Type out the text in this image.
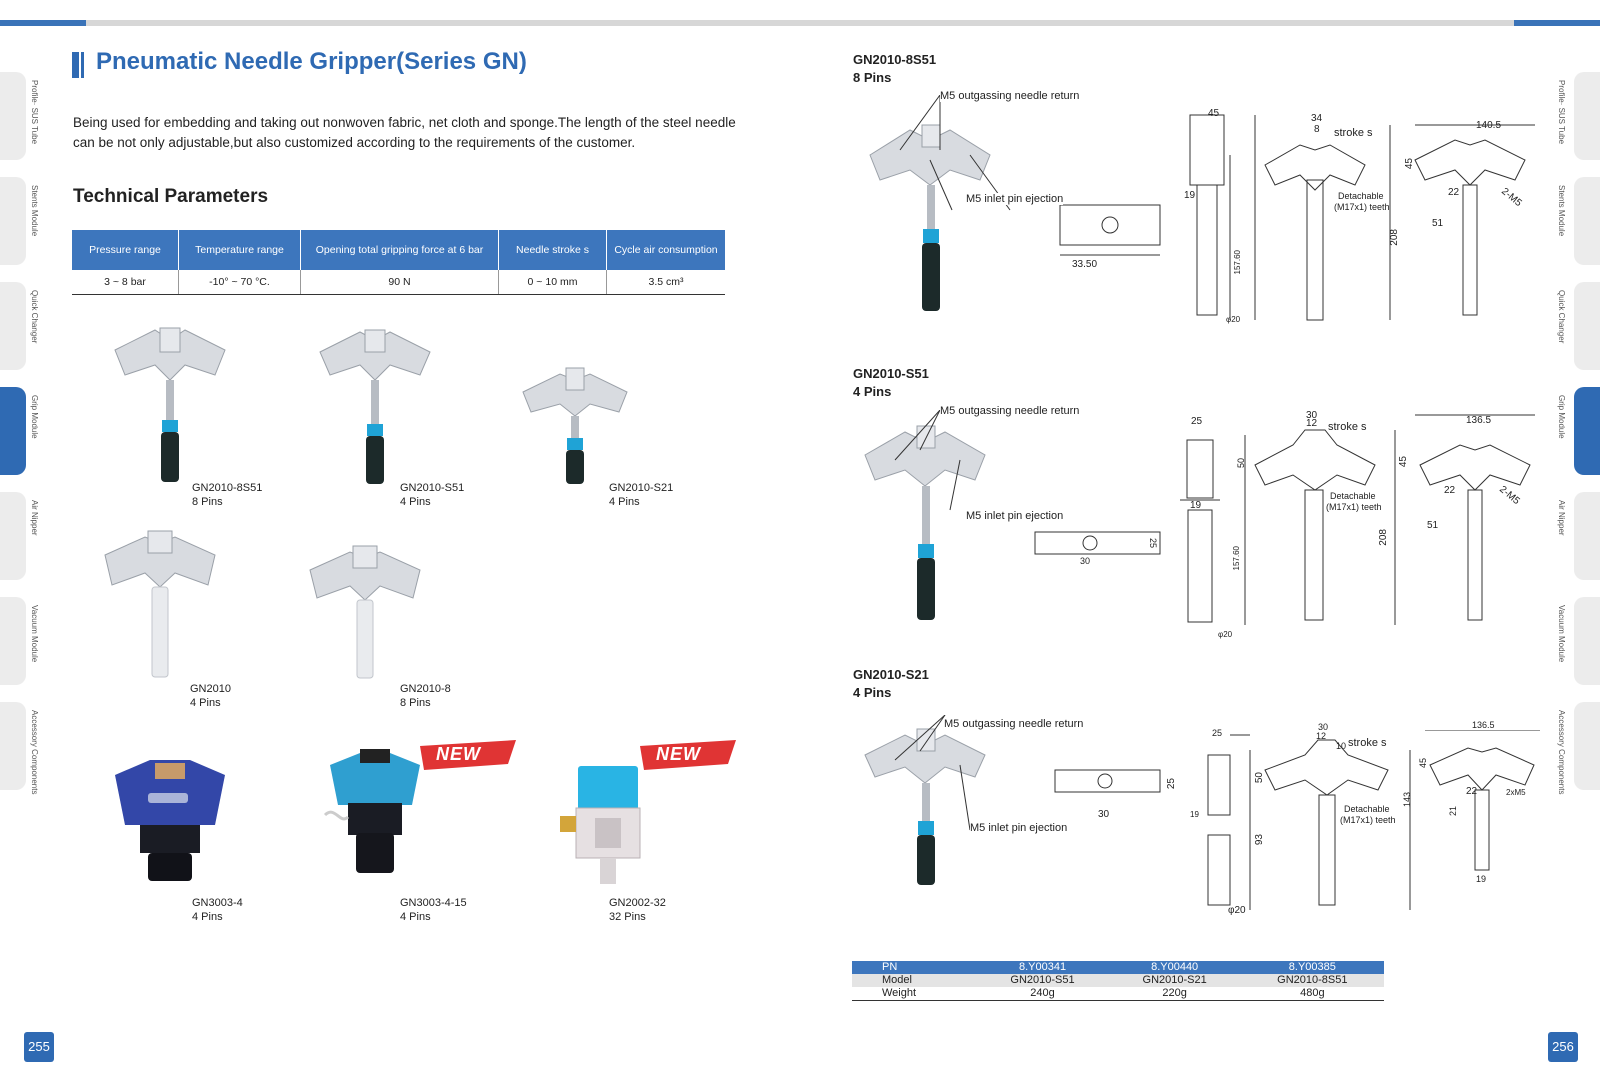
Profile· SUS Tube
Stents Module
Quick Changer
Grip Module
Air Nipper
Vacuum Module
Accessory Components
Profile· SUS Tube
Stents Module
Quick Changer
Grip Module
Air Nipper
Vacuum Module
Accessory Components
Pneumatic Needle Gripper(Series GN)
Being used for embedding and taking out nonwoven fabric, net cloth and sponge.The length of the steel needle can be not only adjustable,but also customized according to the requirements of the customer.
Technical Parameters
Pressure range	Temperature range	Opening total gripping force at 6 bar	Needle stroke s	Cycle air consumption
3 ~ 8 bar	-10° ~ 70 °C.	90 N	0 ~ 10 mm	3.5 cm³
NEW	NEW
GN2010-8S51
8 Pins
GN2010-S51
4 Pins
GN2010-S21
4 Pins
GN2010
4 Pins
GN2010-8
8 Pins
GN3003-4
4 Pins
GN3003-4-15
4 Pins
GN2002-32
32 Pins
255
GN2010-8S51
8 Pins
M5 outgassing needle return
M5 inlet pin ejection
33.50
45	34
8 stroke s
140.5
19
157.60
φ20
Detachable
(M17x1) teeth
45
22	2-M5
51
208
GN2010-S51
4 Pins
M5 outgassing needle return
M5 inlet pin ejection
30
25
25
30
12 stroke s
136.5
50
19
157.60
φ20
Detachable
(M17x1) teeth
45
22	2-M5
51
208
GN2010-S21
4 Pins
M5 outgassing needle return
M5 inlet pin ejection
30
25
25
30
12
10 stroke s
136.5
50
19
93
φ20
Detachable
(M17x1) teeth
45
22	2xM5
21
143
19
PN	8.Y00341	8.Y00440	8.Y00385
Model	GN2010-S51	GN2010-S21	GN2010-8S51
Weight	240g	220g	480g
256
